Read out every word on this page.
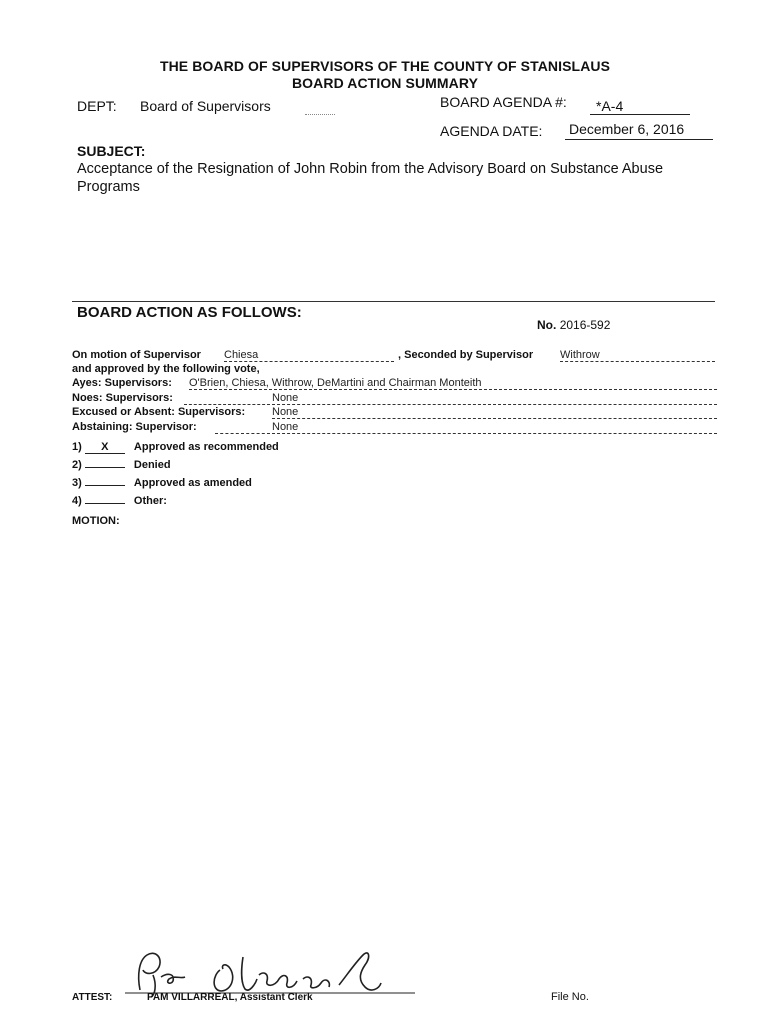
THE BOARD OF SUPERVISORS OF THE COUNTY OF STANISLAUS
BOARD ACTION SUMMARY
DEPT: Board of Supervisors	BOARD AGENDA #: *A-4
AGENDA DATE: December 6, 2016
SUBJECT:
Acceptance of the Resignation of John Robin from the Advisory Board on Substance Abuse Programs
BOARD ACTION AS FOLLOWS:
No. 2016-592
On motion of Supervisor Chiesa	, Seconded by Supervisor Withrow
and approved by the following vote,
Ayes: Supervisors: O'Brien, Chiesa, Withrow, DeMartini and Chairman Monteith
Noes: Supervisors:	None
Excused or Absent: Supervisors: None
Abstaining: Supervisor:	None
1) X Approved as recommended
2)	Denied
3)	Approved as amended
4)	Other:
MOTION:
ATTEST:	PAM VILLARREAL, Assistant Clerk	File No.
